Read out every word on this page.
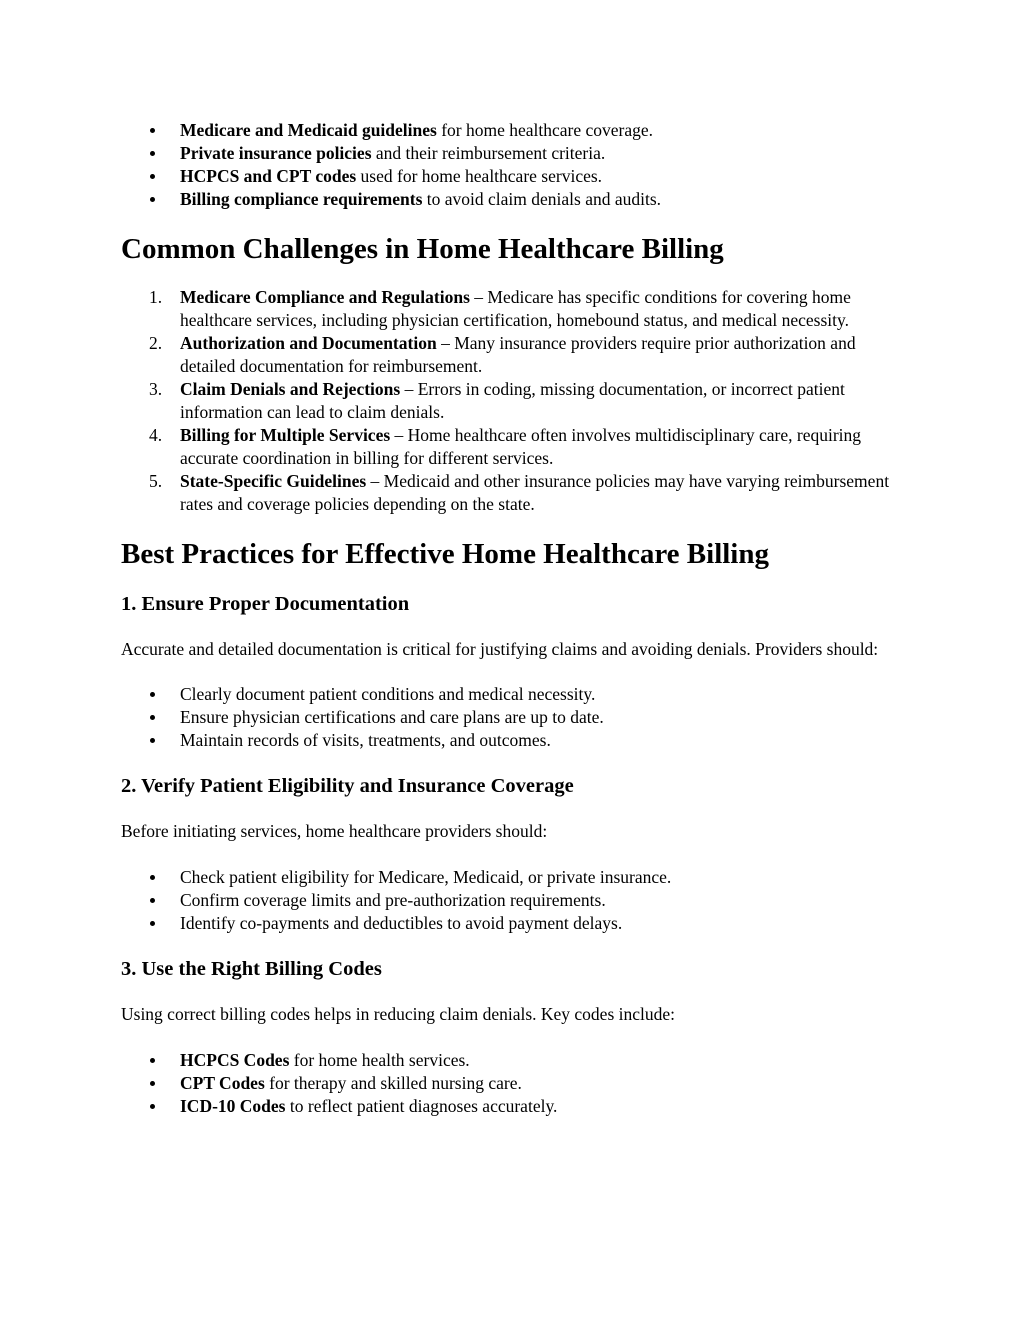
Medicare and Medicaid guidelines for home healthcare coverage.
Private insurance policies and their reimbursement criteria.
HCPCS and CPT codes used for home healthcare services.
Billing compliance requirements to avoid claim denials and audits.
Common Challenges in Home Healthcare Billing
1. Medicare Compliance and Regulations – Medicare has specific conditions for covering home healthcare services, including physician certification, homebound status, and medical necessity.
2. Authorization and Documentation – Many insurance providers require prior authorization and detailed documentation for reimbursement.
3. Claim Denials and Rejections – Errors in coding, missing documentation, or incorrect patient information can lead to claim denials.
4. Billing for Multiple Services – Home healthcare often involves multidisciplinary care, requiring accurate coordination in billing for different services.
5. State-Specific Guidelines – Medicaid and other insurance policies may have varying reimbursement rates and coverage policies depending on the state.
Best Practices for Effective Home Healthcare Billing
1. Ensure Proper Documentation

Accurate and detailed documentation is critical for justifying claims and avoiding denials. Providers should:

Clearly document patient conditions and medical necessity.
Ensure physician certifications and care plans are up to date.
Maintain records of visits, treatments, and outcomes.
2. Verify Patient Eligibility and Insurance Coverage

Before initiating services, home healthcare providers should:

Check patient eligibility for Medicare, Medicaid, or private insurance.
Confirm coverage limits and pre-authorization requirements.
Identify co-payments and deductibles to avoid payment delays.
3. Use the Right Billing Codes

Using correct billing codes helps in reducing claim denials. Key codes include:

HCPCS Codes for home health services.
CPT Codes for therapy and skilled nursing care.
ICD-10 Codes to reflect patient diagnoses accurately.
